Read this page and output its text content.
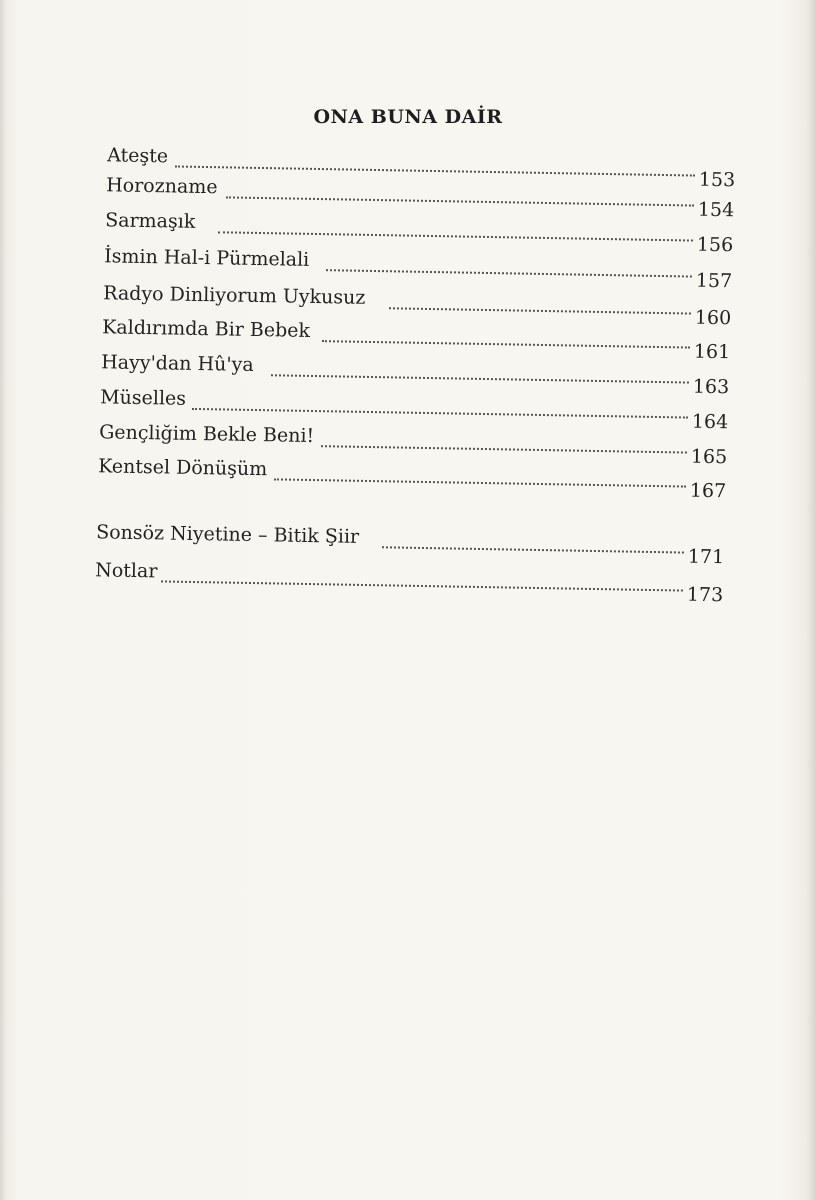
ONA BUNA DAİR
Ateşte
153
Horozname
154
Sarmaşık
156
İsmin Hal-i Pürmelali
157
Radyo Dinliyorum Uykusuz
160
Kaldırımda Bir Bebek
161
Hayy'dan Hû'ya
163
Müselles
164
Gençliğim Bekle Beni!
165
Kentsel Dönüşüm
167
Sonsöz Niyetine – Bitik Şiir
171
Notlar
173
